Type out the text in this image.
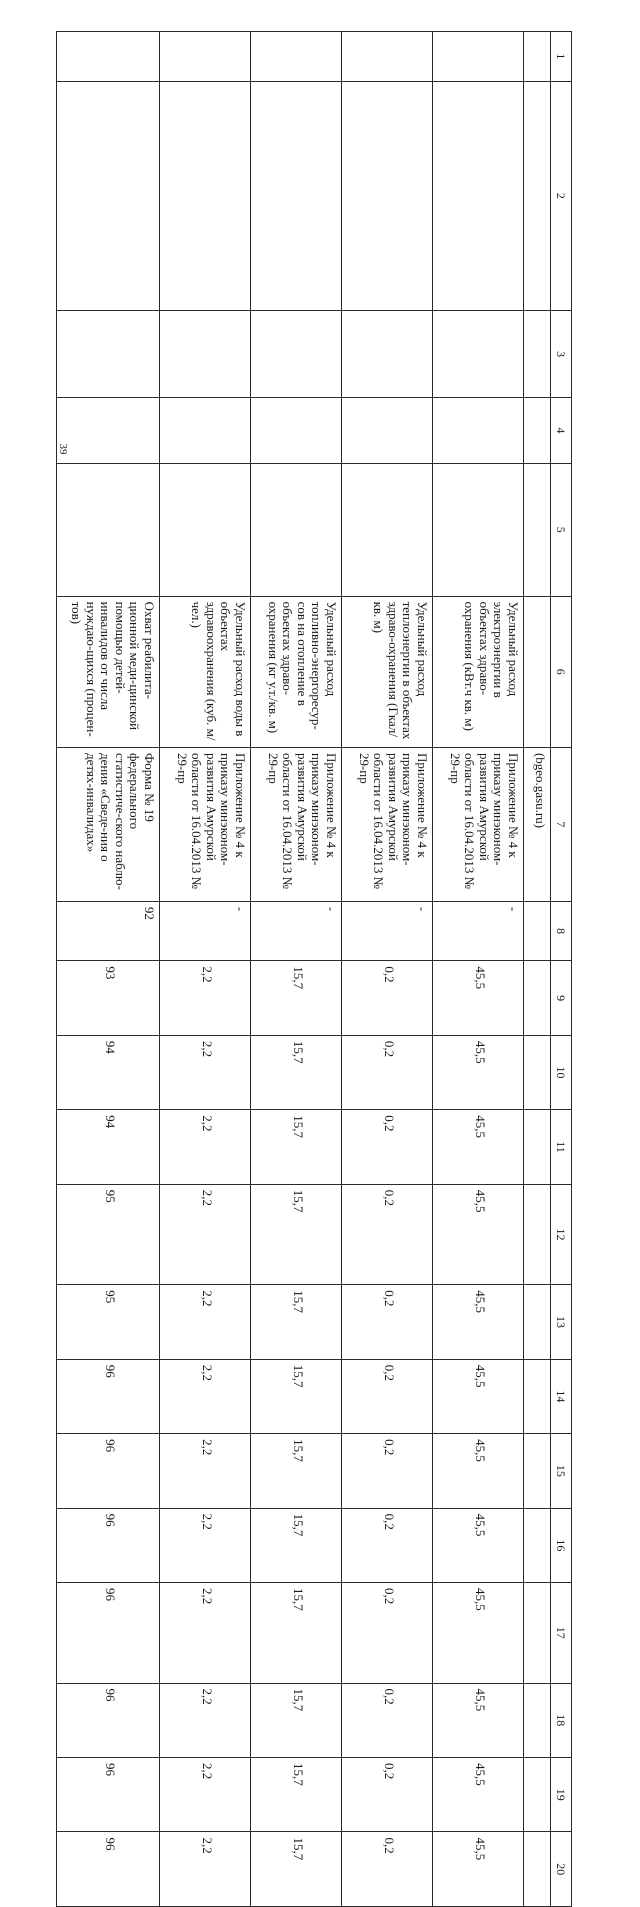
39
1	2	3	4	5	6	7	8	9	10	11	12	13	14	15	16	17	18	19	20
						(bgeo.gasu.ru)													
					Удельный расход электроэнергии в объектах здраво-охранения (кВт.ч кв. м)	Приложение № 4 к приказу минэконом-развития Амурской области от 16.04.2013 № 29-пр	-	45,5	45,5	45,5	45,5	45,5	45,5	45,5	45,5	45,5	45,5	45,5	45,5
					Удельный расход теплоэнергии в объектах здраво-охранения (Гкал/кв. м)	Приложение № 4 к приказу минэконом-развития Амурской области от 16.04.2013 № 29-пр	-	0,2	0,2	0,2	0,2	0,2	0,2	0,2	0,2	0,2	0,2	0,2	0,2
					Удельный расход топливно-энергоресур-сов на отопление в объектах здраво-охранения (кг у.т./кв. м)	Приложение № 4 к приказу минэконом-развития Амурской области от 16.04.2013 № 29-пр	-	15,7	15,7	15,7	15,7	15,7	15,7	15,7	15,7	15,7	15,7	15,7	15,7
					Удельный расход воды в объектах здравоохранения (куб. м/чел.)	Приложение № 4 к приказу минэконом-развития Амурской области от 16.04.2013 № 29-пр	-	2,2	2,2	2,2	2,2	2,2	2,2	2,2	2,2	2,2	2,2	2,2	2,2
					Охват реабилита-ционной меди-цинской помощью детей-инвалидов от числа нуждаю-щихся (процен-тов)	Форма № 19 федерального статистиче-ского наблю-дения «Сведе-ния о детях-инвалидах»	92	93	94	94	95	95	96	96	96	96	96	96	96
